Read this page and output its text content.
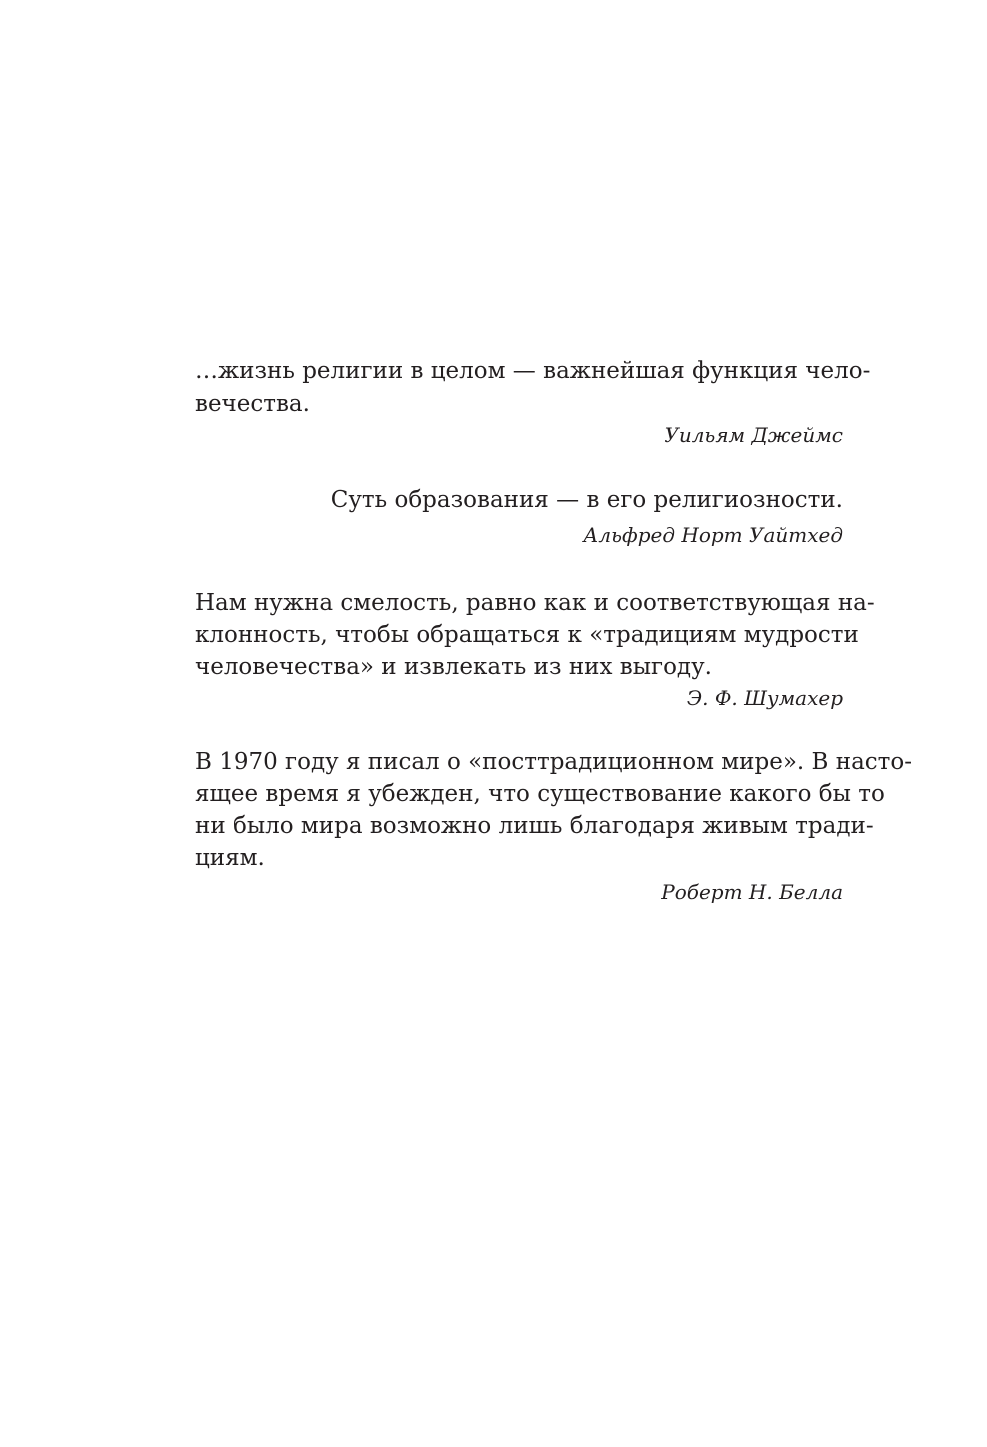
…жизнь религии в целом — важнейшая функция чело-
вечества.
Уильям Джеймс
Суть образования — в его религиозности.
Альфред Норт Уайтхед
Нам нужна смелость, равно как и соответствующая на-
клонность, чтобы обращаться к «традициям мудрости
человечества» и извлекать из них выгоду.
Э. Ф. Шумахер
В 1970 году я писал о «посттрадиционном мире». В насто-
ящее время я убежден, что существование какого бы то
ни было мира возможно лишь благодаря живым тради-
циям.
Роберт Н. Белла
